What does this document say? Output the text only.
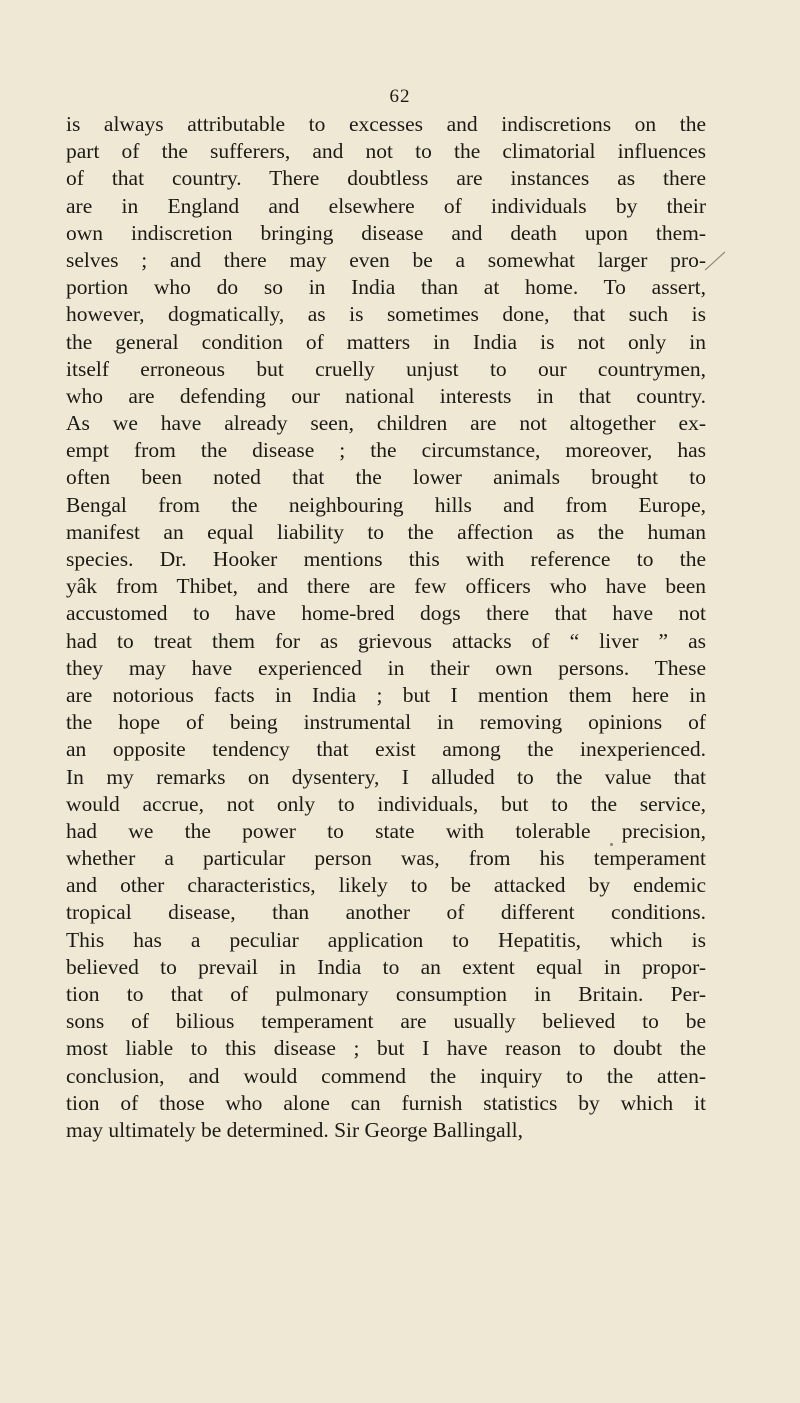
62
is always attributable to excesses and indiscretions on the
part of the sufferers, and not to the climatorial influences
of that country. There doubtless are instances as there
are in England and elsewhere of individuals by their
own indiscretion bringing disease and death upon them-
selves ; and there may even be a somewhat larger pro-
portion who do so in India than at home. To assert,
however, dogmatically, as is sometimes done, that such is
the general condition of matters in India is not only in
itself erroneous but cruelly unjust to our countrymen,
who are defending our national interests in that country.
As we have already seen, children are not altogether ex-
empt from the disease ; the circumstance, moreover, has
often been noted that the lower animals brought to
Bengal from the neighbouring hills and from Europe,
manifest an equal liability to the affection as the human
species. Dr. Hooker mentions this with reference to the
yâk from Thibet, and there are few officers who have been
accustomed to have home-bred dogs there that have not
had to treat them for as grievous attacks of “ liver ” as
they may have experienced in their own persons. These
are notorious facts in India ; but I mention them here in
the hope of being instrumental in removing opinions of
an opposite tendency that exist among the inexperienced.
In my remarks on dysentery, I alluded to the value that
would accrue, not only to individuals, but to the service,
had we the power to state with tolerable precision,
whether a particular person was, from his temperament
and other characteristics, likely to be attacked by endemic
tropical disease, than another of different conditions.
This has a peculiar application to Hepatitis, which is
believed to prevail in India to an extent equal in propor-
tion to that of pulmonary consumption in Britain. Per-
sons of bilious temperament are usually believed to be
most liable to this disease ; but I have reason to doubt the
conclusion, and would commend the inquiry to the atten-
tion of those who alone can furnish statistics by which it
may ultimately be determined. Sir George Ballingall,
